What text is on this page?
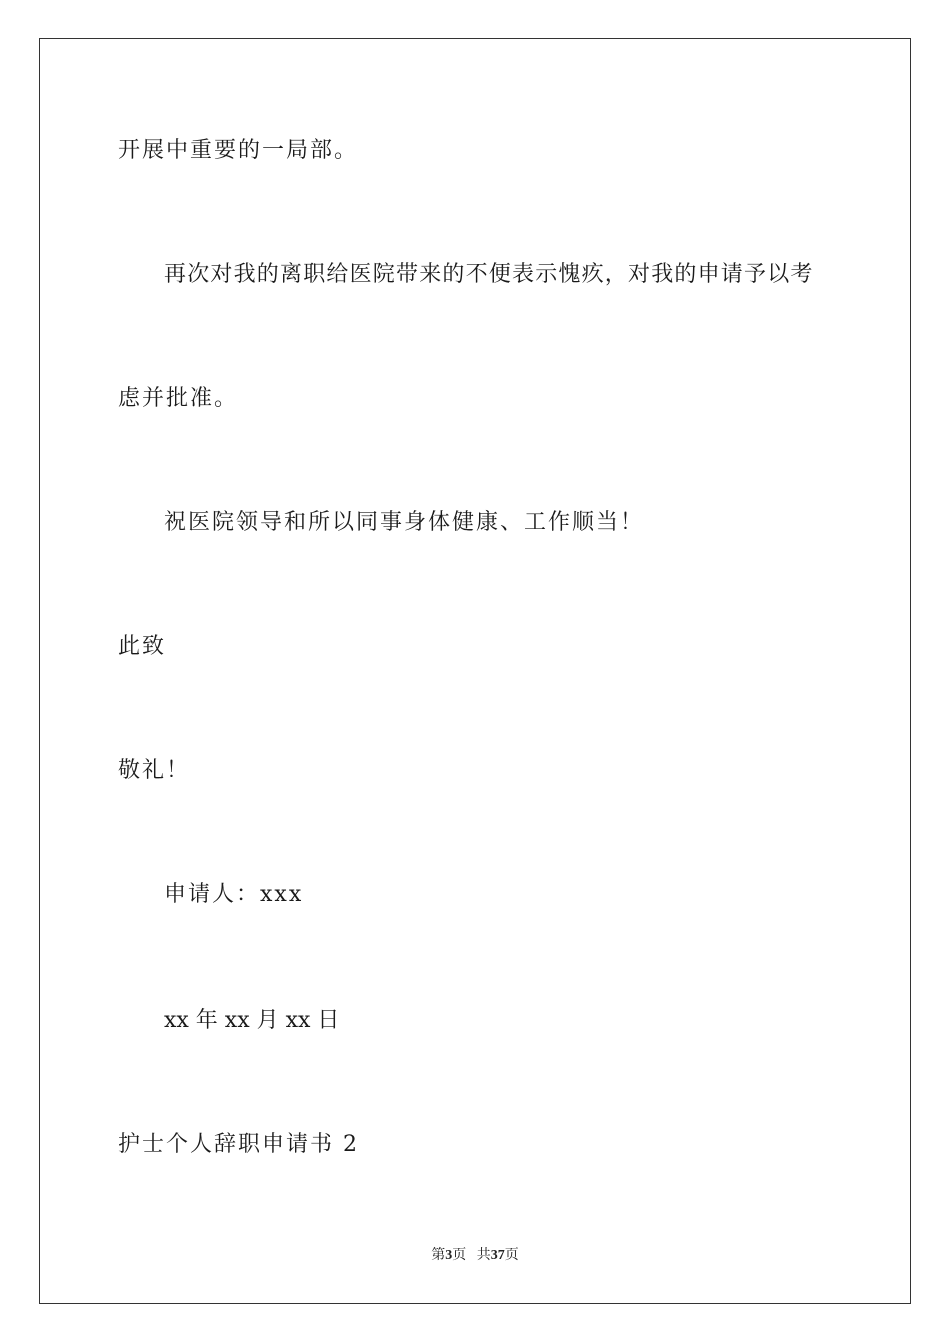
开展中重要的一局部。
再次对我的离职给医院带来的不便表示愧疚，对我的申请予以考
虑并批准。
祝医院领导和所以同事身体健康、工作顺当！
此致
敬礼！
申请人：xxx
xx 年 xx 月 xx 日
护士个人辞职申请书 2
第3页 共37页
